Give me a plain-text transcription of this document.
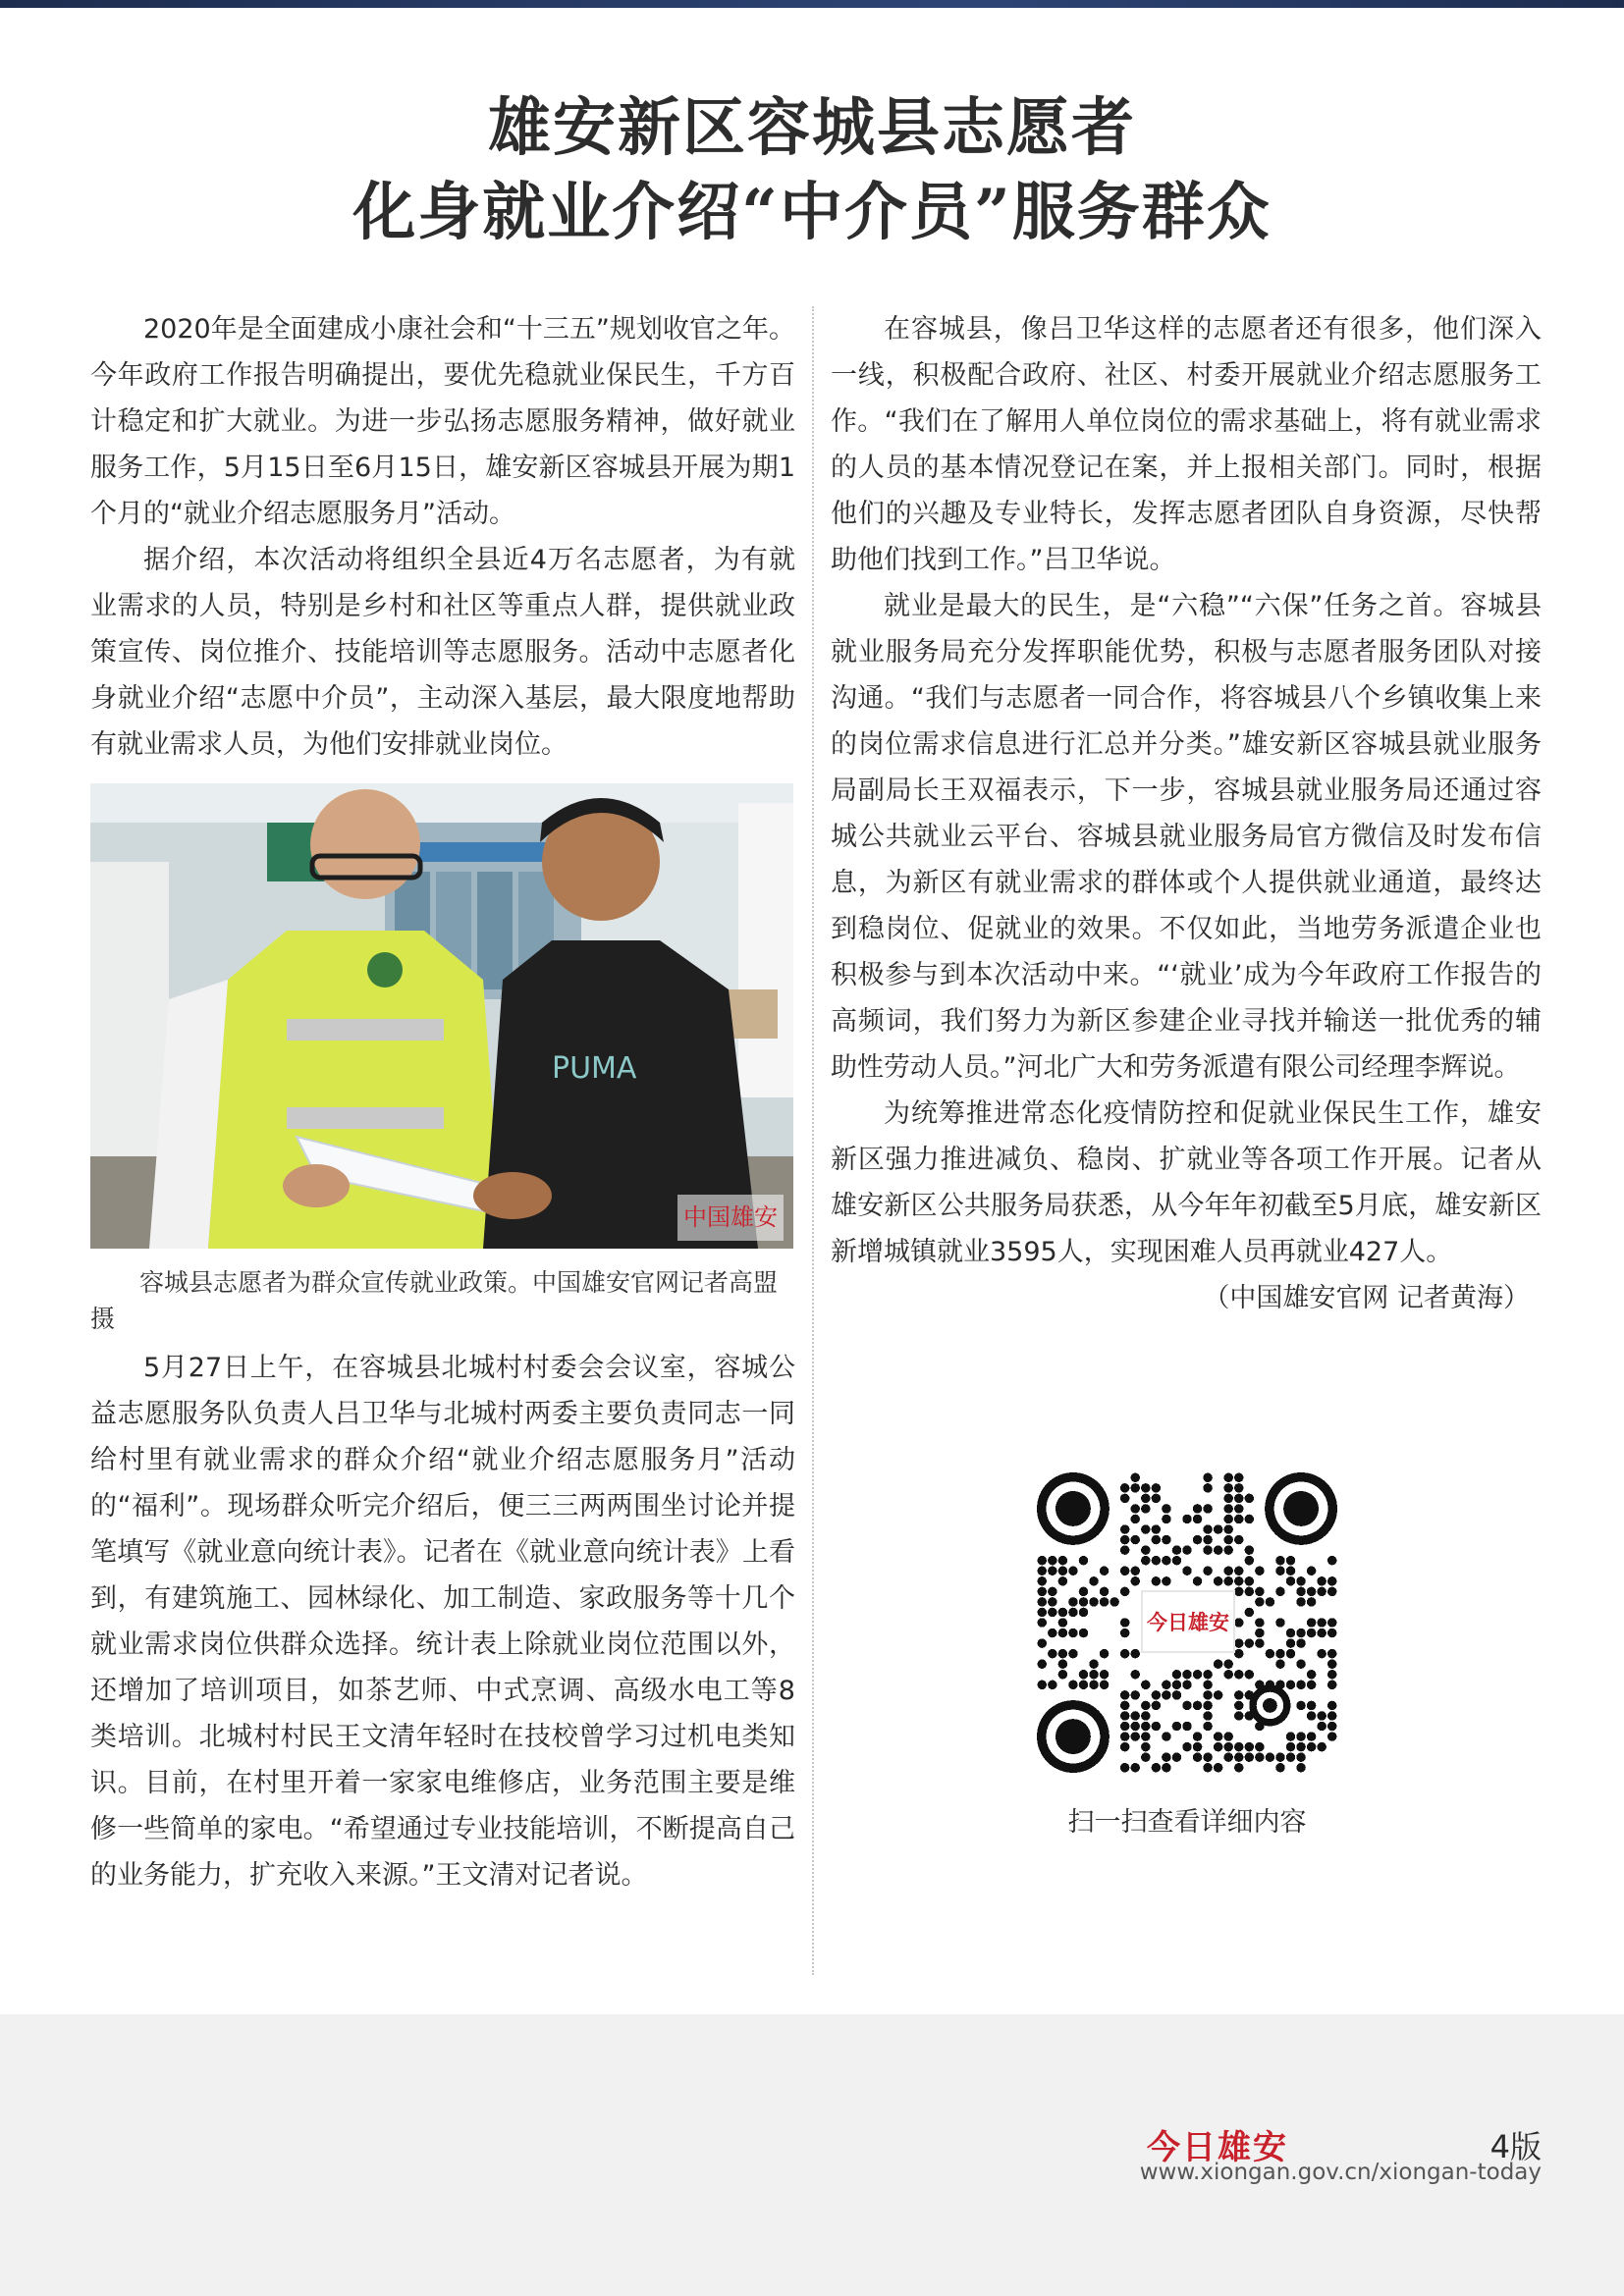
雄安新区容城县志愿者
化身就业介绍“中介员”服务群众

2020年是全面建成小康社会和“十三五”规划收官之年。今年政府工作报告明确提出，要优先稳就业保民生，千方百计稳定和扩大就业。为进一步弘扬志愿服务精神，做好就业服务工作，5月15日至6月15日，雄安新区容城县开展为期1个月的“就业介绍志愿服务月”活动。

据介绍，本次活动将组织全县近4万名志愿者，为有就业需求的人员，特别是乡村和社区等重点人群，提供就业政策宣传、岗位推介、技能培训等志愿服务。活动中志愿者化身就业介绍“志愿中介员”，主动深入基层，最大限度地帮助有就业需求人员，为他们安排就业岗位。

PUMA
中国雄安

容城县志愿者为群众宣传就业政策。中国雄安官网记者高盟 摄

5月27日上午，在容城县北城村村委会会议室，容城公益志愿服务队负责人吕卫华与北城村两委主要负责同志一同给村里有就业需求的群众介绍“就业介绍志愿服务月”活动的“福利”。现场群众听完介绍后，便三三两两围坐讨论并提笔填写《就业意向统计表》。记者在《就业意向统计表》上看到，有建筑施工、园林绿化、加工制造、家政服务等十几个就业需求岗位供群众选择。统计表上除就业岗位范围以外，还增加了培训项目，如茶艺师、中式烹调、高级水电工等8类培训。北城村村民王文清年轻时在技校曾学习过机电类知识。目前，在村里开着一家家电维修店，业务范围主要是维修一些简单的家电。“希望通过专业技能培训，不断提高自己的业务能力，扩充收入来源。”王文清对记者说。

在容城县，像吕卫华这样的志愿者还有很多，他们深入一线，积极配合政府、社区、村委开展就业介绍志愿服务工作。“我们在了解用人单位岗位的需求基础上，将有就业需求的人员的基本情况登记在案，并上报相关部门。同时，根据他们的兴趣及专业特长，发挥志愿者团队自身资源，尽快帮助他们找到工作。”吕卫华说。

就业是最大的民生，是“六稳”“六保”任务之首。容城县就业服务局充分发挥职能优势，积极与志愿者服务团队对接沟通。“我们与志愿者一同合作，将容城县八个乡镇收集上来的岗位需求信息进行汇总并分类。”雄安新区容城县就业服务局副局长王双福表示，下一步，容城县就业服务局还通过容城公共就业云平台、容城县就业服务局官方微信及时发布信息，为新区有就业需求的群体或个人提供就业通道，最终达到稳岗位、促就业的效果。不仅如此，当地劳务派遣企业也积极参与到本次活动中来。“‘就业’成为今年政府工作报告的高频词，我们努力为新区参建企业寻找并输送一批优秀的辅助性劳动人员。”河北广大和劳务派遣有限公司经理李辉说。

为统筹推进常态化疫情防控和促就业保民生工作，雄安新区强力推进减负、稳岗、扩就业等各项工作开展。记者从雄安新区公共服务局获悉，从今年年初截至5月底，雄安新区新增城镇就业3595人，实现困难人员再就业427人。

（中国雄安官网 记者黄海）

今日雄安
扫一扫查看详细内容
今日雄安	4版
www.xiongan.gov.cn/xiongan-today
